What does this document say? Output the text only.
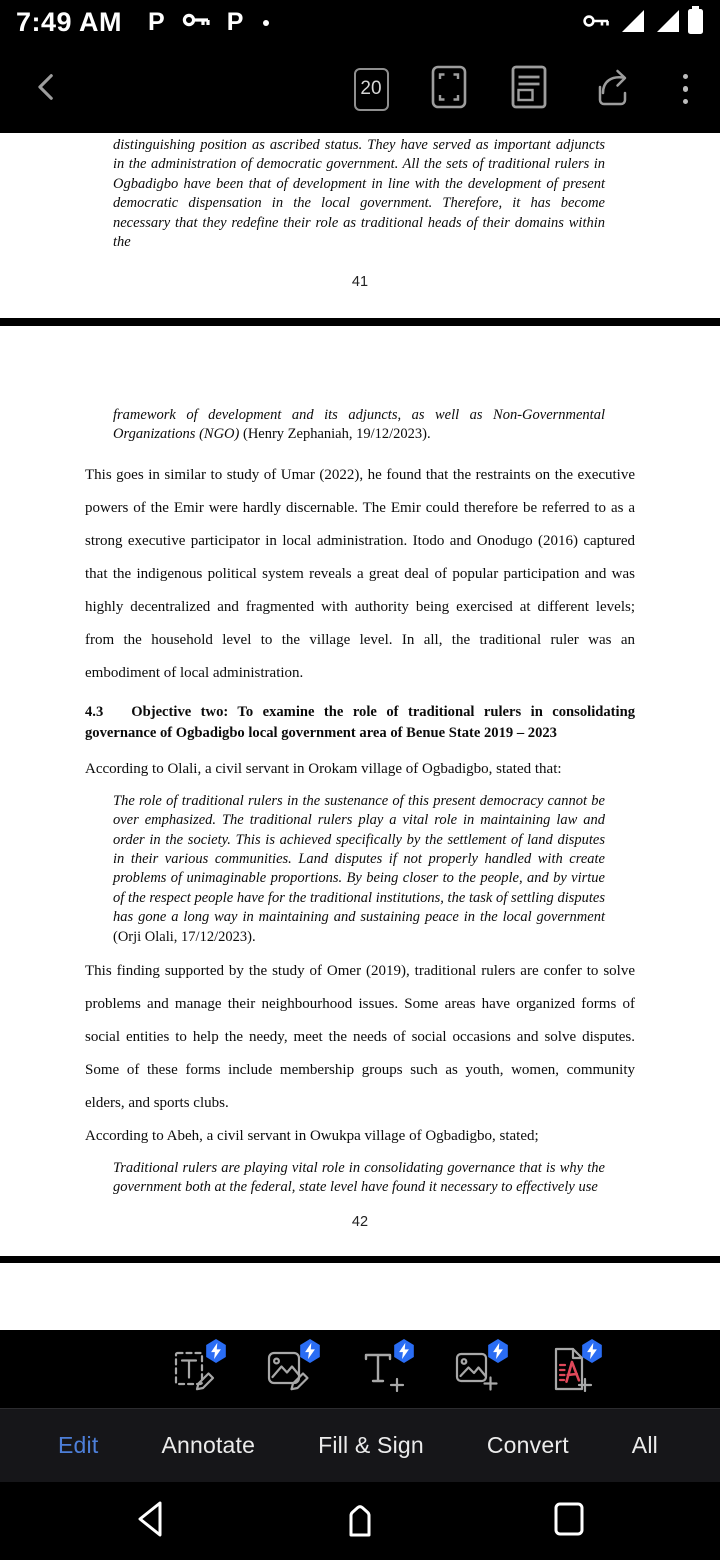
7:49 AM P P
20
distinguishing position as ascribed status. They have served as important adjuncts in the administration of democratic government. All the sets of traditional rulers in Ogbadigbo have been that of development in line with the development of present democratic dispensation in the local government. Therefore, it has become necessary that they redefine their role as traditional heads of their domains within the
41
framework of development and its adjuncts, as well as Non-Governmental Organizations (NGO) (Henry Zephaniah, 19/12/2023).

This goes in similar to study of Umar (2022), he found that the restraints on the executive powers of the Emir were hardly discernable. The Emir could therefore be referred to as a strong executive participator in local administration. Itodo and Onodugo (2016) captured that the indigenous political system reveals a great deal of popular participation and was highly decentralized and fragmented with authority being exercised at different levels; from the household level to the village level. In all, the traditional ruler was an embodiment of local administration.

4.3 Objective two: To examine the role of traditional rulers in consolidating governance of Ogbadigbo local government area of Benue State 2019 – 2023

According to Olali, a civil servant in Orokam village of Ogbadigbo, stated that:

The role of traditional rulers in the sustenance of this present democracy cannot be over emphasized. The traditional rulers play a vital role in maintaining law and order in the society. This is achieved specifically by the settlement of land disputes in their various communities. Land disputes if not properly handled with create problems of unimaginable proportions. By being closer to the people, and by virtue of the respect people have for the traditional institutions, the task of settling disputes has gone a long way in maintaining and sustaining peace in the local government (Orji Olali, 17/12/2023).

This finding supported by the study of Omer (2019), traditional rulers are confer to solve problems and manage their neighbourhood issues. Some areas have organized forms of social entities to help the needy, meet the needs of social occasions and solve disputes. Some of these forms include membership groups such as youth, women, community elders, and sports clubs.

According to Abeh, a civil servant in Owukpa village of Ogbadigbo, stated;

Traditional rulers are playing vital role in consolidating governance that is why the government both at the federal, state level have found it necessary to effectively use
42
Edit	Annotate	Fill & Sign	Convert	All
